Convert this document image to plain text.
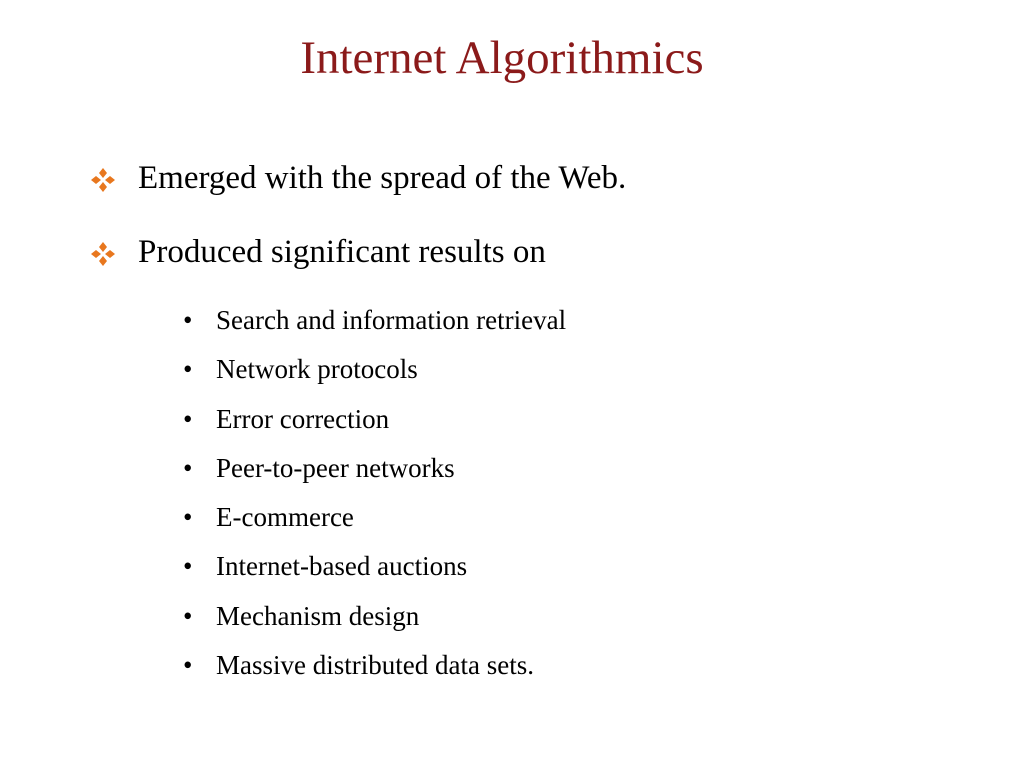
Internet Algorithmics
Emerged with the spread of the Web.
Produced significant results on
• Search and information retrieval
• Network protocols
• Error correction
• Peer-to-peer networks
• E-commerce
• Internet-based auctions
• Mechanism design
• Massive distributed data sets.
